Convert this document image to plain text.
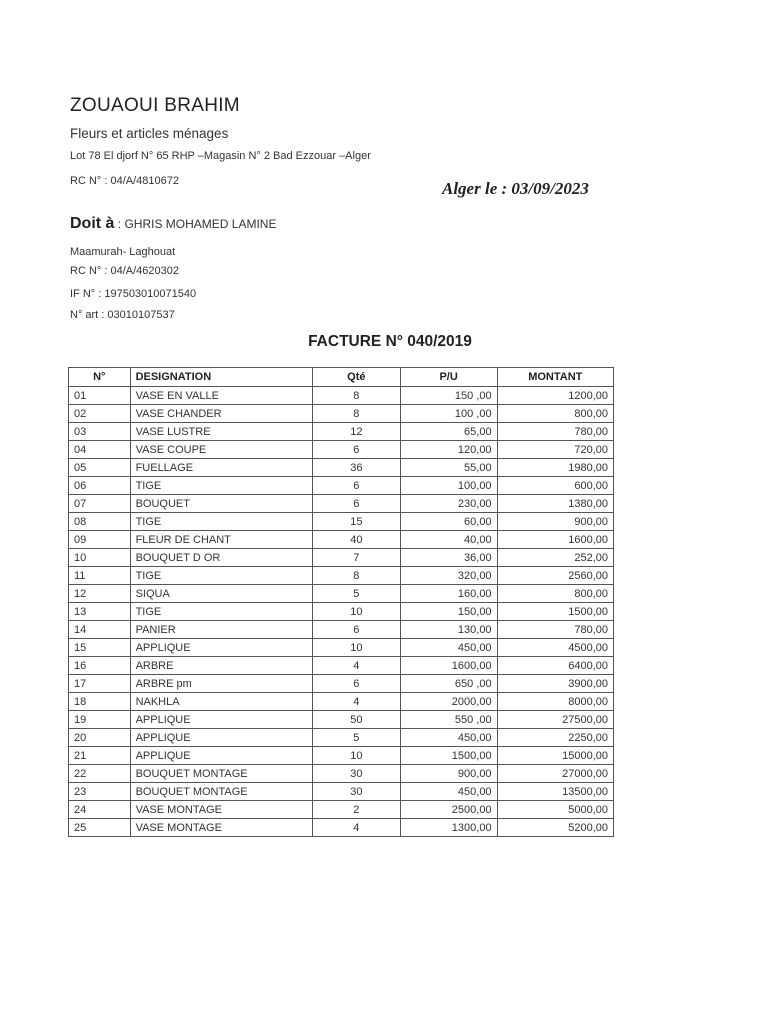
ZOUAOUI BRAHIM
Fleurs et articles ménages
Lot 78 El djorf N° 65 RHP –Magasin N° 2 Bad Ezzouar –Alger
RC N° : 04/A/4810672	Alger le : 03/09/2023
Doit à : GHRIS MOHAMED LAMINE
Maamurah- Laghouat
RC N° : 04/A/4620302
IF N° : 197503010071540
N° art : 03010107537
FACTURE N° 040/2019
N°	DESIGNATION	Qté	P/U	MONTANT
01	VASE EN VALLE	8	150 ,00	1200,00
02	VASE CHANDER	8	100 ,00	800,00
03	VASE LUSTRE	12	65,00	780,00
04	VASE COUPE	6	120,00	720,00
05	FUELLAGE	36	55,00	1980,00
06	TIGE	6	100,00	600,00
07	BOUQUET	6	230,00	1380,00
08	TIGE	15	60,00	900,00
09	FLEUR DE CHANT	40	40,00	1600,00
10	BOUQUET D OR	7	36,00	252,00
11	TIGE	8	320,00	2560,00
12	SIQUA	5	160,00	800,00
13	TIGE	10	150,00	1500,00
14	PANIER	6	130,00	780,00
15	APPLIQUE	10	450,00	4500,00
16	ARBRE	4	1600,00	6400,00
17	ARBRE pm	6	650 ,00	3900,00
18	NAKHLA	4	2000,00	8000,00
19	APPLIQUE	50	550 ,00	27500,00
20	APPLIQUE	5	450,00	2250,00
21	APPLIQUE	10	1500,00	15000,00
22	BOUQUET MONTAGE	30	900,00	27000,00
23	BOUQUET MONTAGE	30	450,00	13500,00
24	VASE MONTAGE	2	2500,00	5000,00
25	VASE MONTAGE	4	1300,00	5200,00
